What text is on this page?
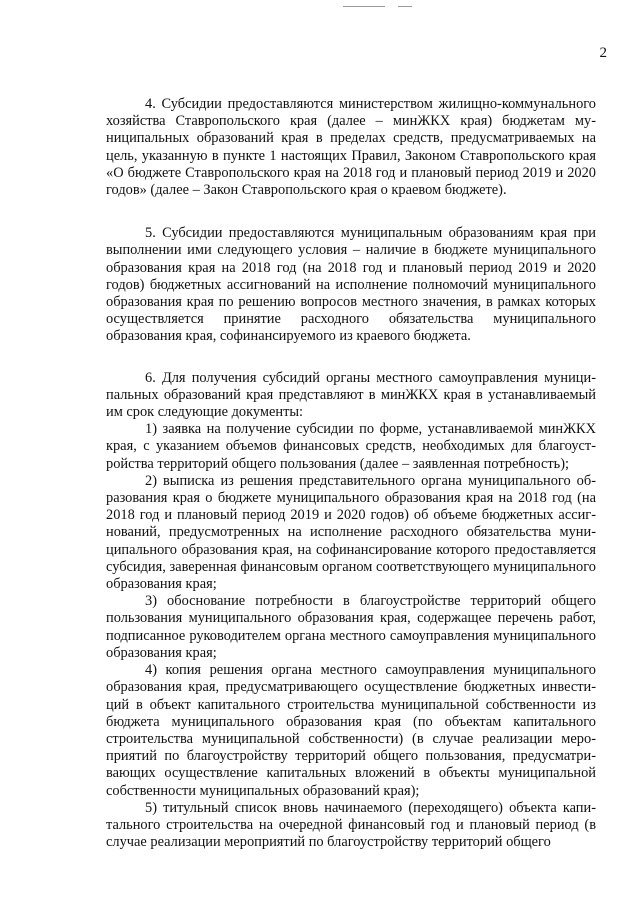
2

4. Субсидии предоставляются министерством жилищно-коммунального хозяйства Ставропольского края (далее – минЖКХ края) бюджетам муниципальных образований края в пределах средств, предусматриваемых на цель, указанную в пункте 1 настоящих Правил, Законом Ставропольского края «О бюджете Ставропольского края на 2018 год и плановый период 2019 и 2020 годов» (далее – Закон Ставропольского края о краевом бюджете).

5. Субсидии предоставляются муниципальным образованиям края при выполнении ими следующего условия – наличие в бюджете муниципального образования края на 2018 год (на 2018 год и плановый период 2019 и 2020 годов) бюджетных ассигнований на исполнение полномочий муниципального образования края по решению вопросов местного значения, в рамках которых осуществляется принятие расходного обязательства муниципального образования края, софинансируемого из краевого бюджета.

6. Для получения субсидий органы местного самоуправления муниципальных образований края представляют в минЖКХ края в устанавливаемый им срок следующие документы:

1) заявка на получение субсидии по форме, устанавливаемой минЖКХ края, с указанием объемов финансовых средств, необходимых для благоустройства территорий общего пользования (далее – заявленная потребность);

2) выписка из решения представительного органа муниципального образования края о бюджете муниципального образования края на 2018 год (на 2018 год и плановый период 2019 и 2020 годов) об объеме бюджетных ассигнований, предусмотренных на исполнение расходного обязательства муниципального образования края, на софинансирование которого предоставляется субсидия, заверенная финансовым органом соответствующего муниципального образования края;

3) обоснование потребности в благоустройстве территорий общего пользования муниципального образования края, содержащее перечень работ, подписанное руководителем органа местного самоуправления муниципального образования края;

4) копия решения органа местного самоуправления муниципального образования края, предусматривающего осуществление бюджетных инвестиций в объект капитального строительства муниципальной собственности из бюджета муниципального образования края (по объектам капитального строительства муниципальной собственности) (в случае реализации мероприятий по благоустройству территорий общего пользования, предусматривающих осуществление капитальных вложений в объекты муниципальной собственности муниципальных образований края);

5) титульный список вновь начинаемого (переходящего) объекта капитального строительства на очередной финансовый год и плановый период (в случае реализации мероприятий по благоустройству территорий общего
